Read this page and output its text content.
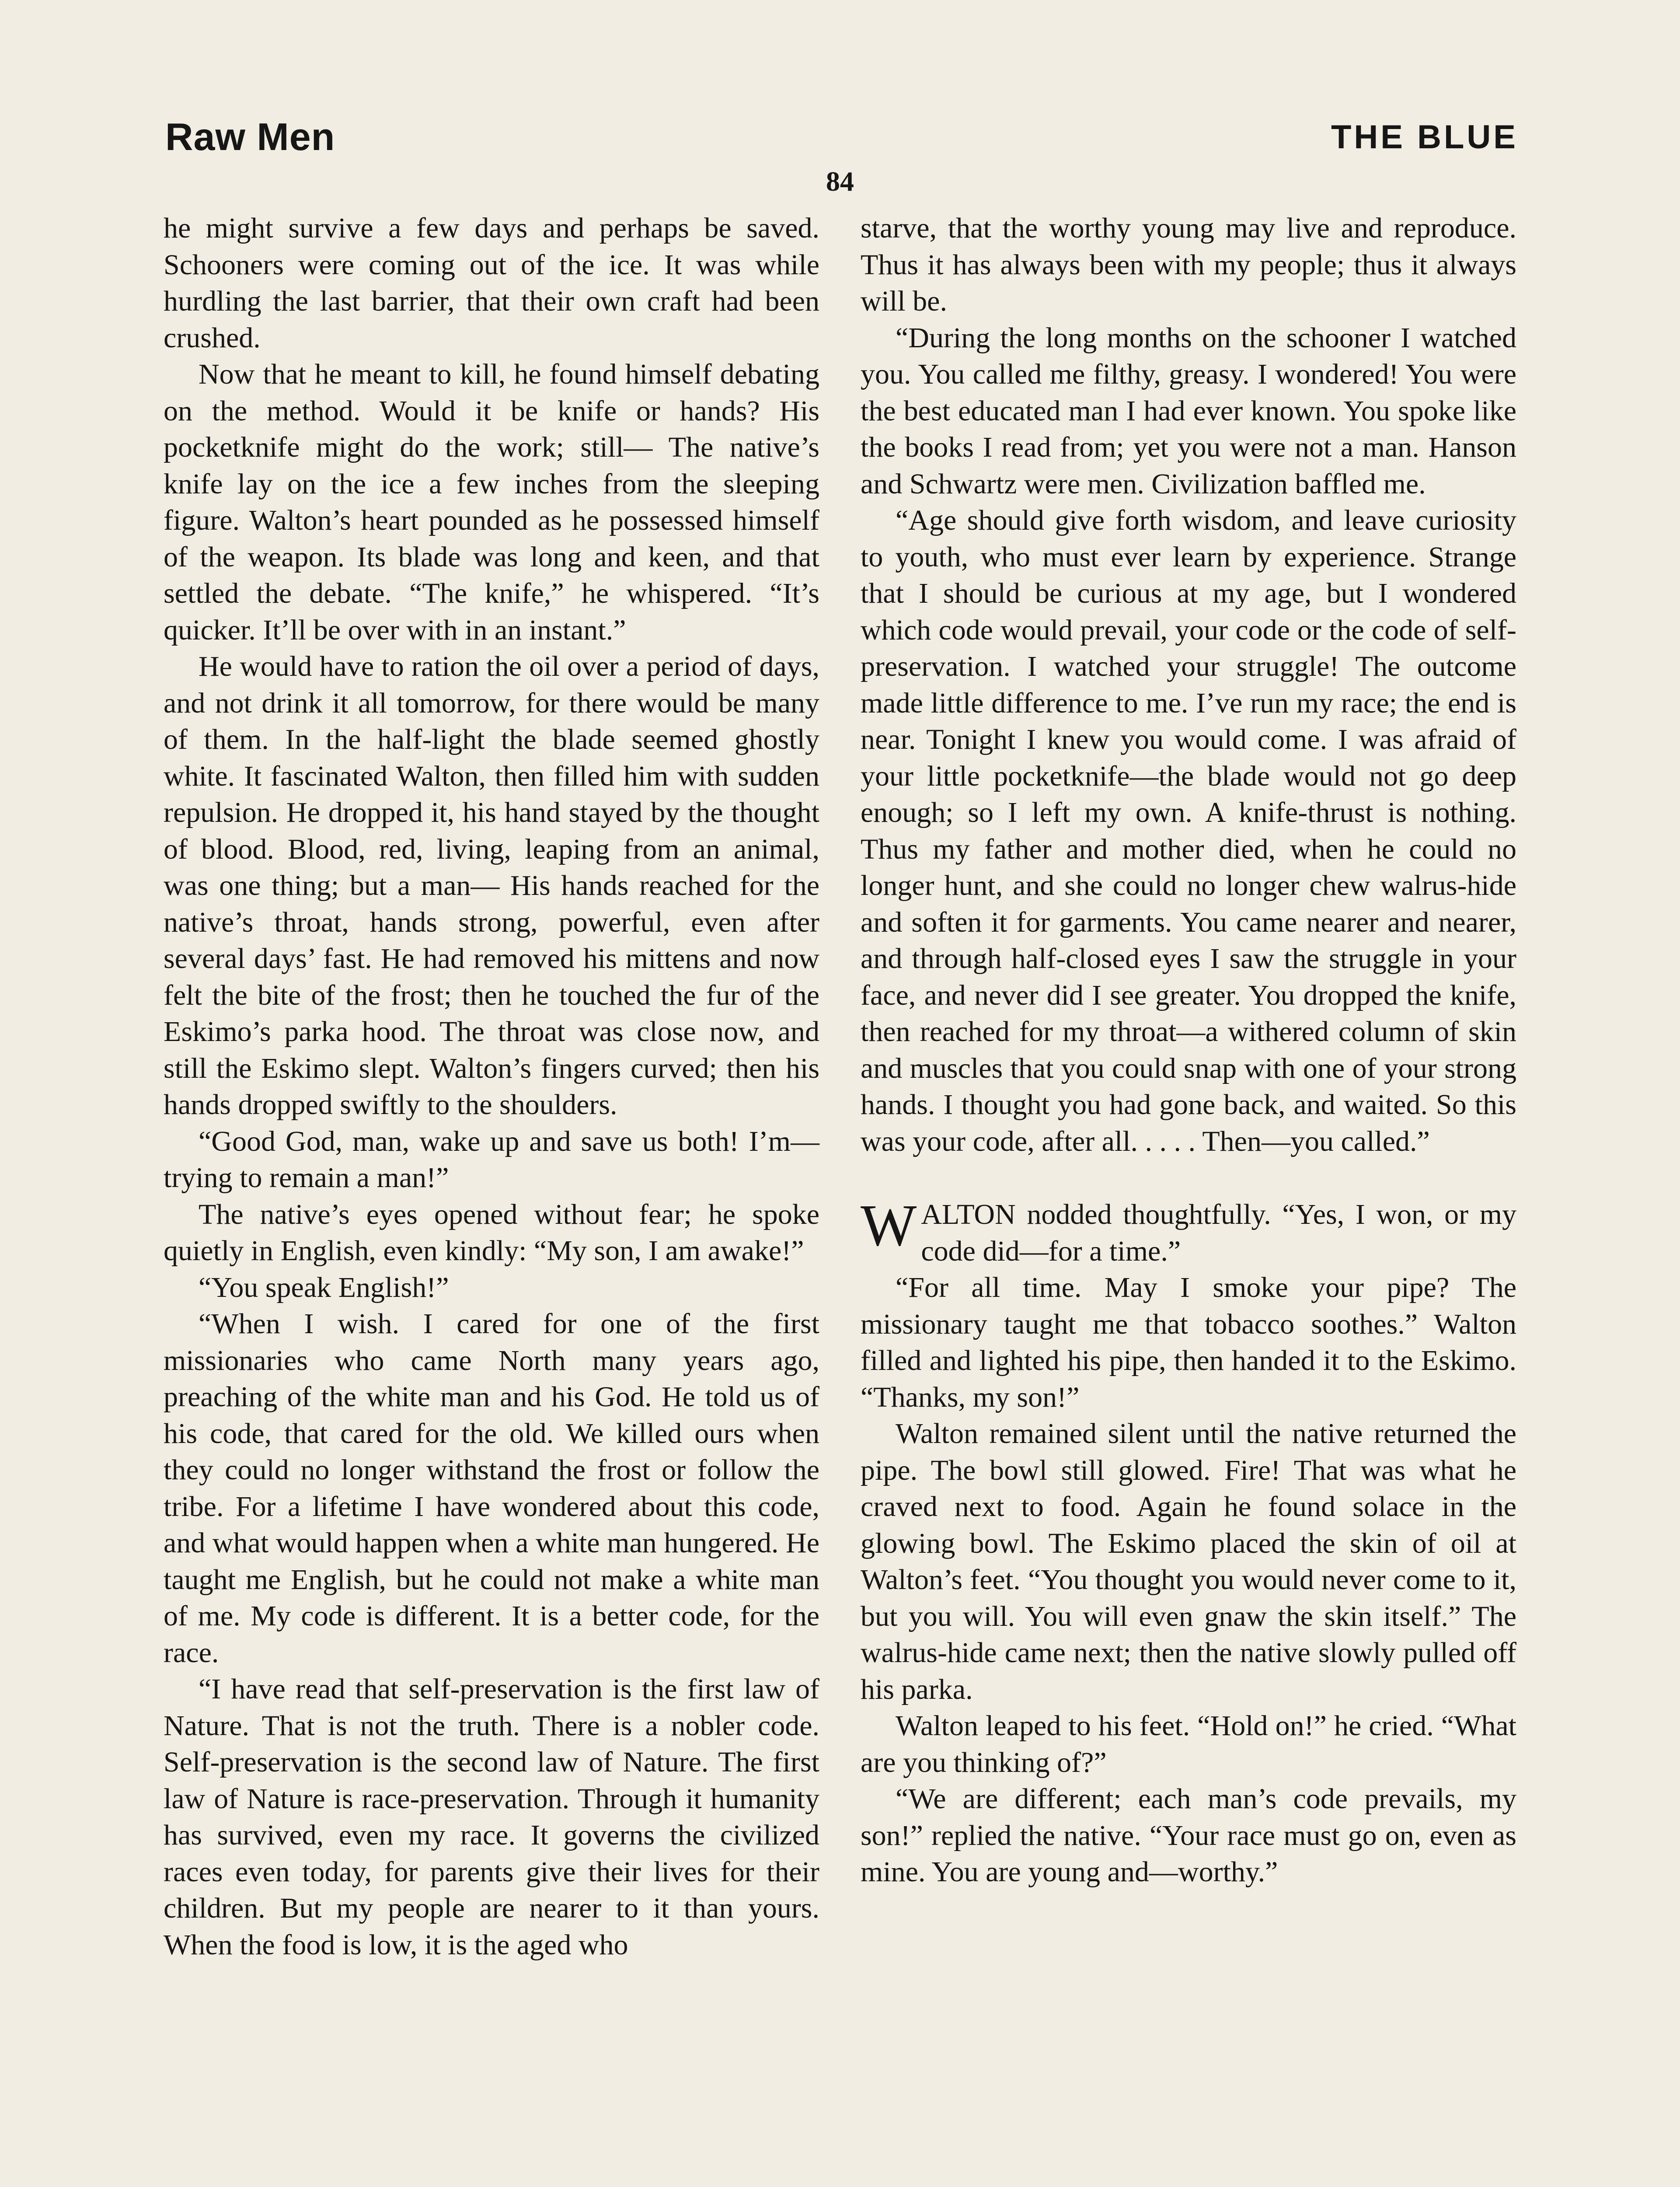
Raw Men	THE BLUE
84

he might survive a few days and perhaps be saved. Schooners were coming out of the ice. It was while hurdling the last barrier, that their own craft had been crushed.

Now that he meant to kill, he found himself debating on the method. Would it be knife or hands? His pocketknife might do the work; still— The native’s knife lay on the ice a few inches from the sleeping figure. Walton’s heart pounded as he possessed himself of the weapon. Its blade was long and keen, and that settled the debate. “The knife,” he whispered. “It’s quicker. It’ll be over with in an instant.”

He would have to ration the oil over a period of days, and not drink it all tomorrow, for there would be many of them. In the half-light the blade seemed ghostly white. It fascinated Walton, then filled him with sudden repulsion. He dropped it, his hand stayed by the thought of blood. Blood, red, living, leaping from an animal, was one thing; but a man— His hands reached for the native’s throat, hands strong, powerful, even after several days’ fast. He had removed his mittens and now felt the bite of the frost; then he touched the fur of the Eskimo’s parka hood. The throat was close now, and still the Eskimo slept. Walton’s fingers curved; then his hands dropped swiftly to the shoulders.

“Good God, man, wake up and save us both! I’m—trying to remain a man!”

The native’s eyes opened without fear; he spoke quietly in English, even kindly: “My son, I am awake!”

“You speak English!”

“When I wish. I cared for one of the first missionaries who came North many years ago, preaching of the white man and his God. He told us of his code, that cared for the old. We killed ours when they could no longer withstand the frost or follow the tribe. For a lifetime I have wondered about this code, and what would happen when a white man hungered. He taught me English, but he could not make a white man of me. My code is different. It is a better code, for the race.

“I have read that self-preservation is the first law of Nature. That is not the truth. There is a nobler code. Self-preservation is the second law of Nature. The first law of Nature is race-preservation. Through it humanity has survived, even my race. It governs the civilized races even today, for parents give their lives for their children. But my people are nearer to it than yours. When the food is low, it is the aged who

starve, that the worthy young may live and reproduce. Thus it has always been with my people; thus it always will be.

“During the long months on the schooner I watched you. You called me filthy, greasy. I wondered! You were the best educated man I had ever known. You spoke like the books I read from; yet you were not a man. Hanson and Schwartz were men. Civilization baffled me.

“Age should give forth wisdom, and leave curiosity to youth, who must ever learn by experience. Strange that I should be curious at my age, but I wondered which code would prevail, your code or the code of self-preservation. I watched your struggle! The outcome made little difference to me. I’ve run my race; the end is near. Tonight I knew you would come. I was afraid of your little pocketknife—the blade would not go deep enough; so I left my own. A knife-thrust is nothing. Thus my father and mother died, when he could no longer hunt, and she could no longer chew walrus-hide and soften it for garments. You came nearer and nearer, and through half-closed eyes I saw the struggle in your face, and never did I see greater. You dropped the knife, then reached for my throat—a withered column of skin and muscles that you could snap with one of your strong hands. I thought you had gone back, and waited. So this was your code, after all. . . . . Then—you called.”

WALTON nodded thoughtfully. “Yes, I won, or my code did—for a time.”

“For all time. May I smoke your pipe? The missionary taught me that tobacco soothes.” Walton filled and lighted his pipe, then handed it to the Eskimo. “Thanks, my son!”

Walton remained silent until the native returned the pipe. The bowl still glowed. Fire! That was what he craved next to food. Again he found solace in the glowing bowl. The Eskimo placed the skin of oil at Walton’s feet. “You thought you would never come to it, but you will. You will even gnaw the skin itself.” The walrus-hide came next; then the native slowly pulled off his parka.

Walton leaped to his feet. “Hold on!” he cried. “What are you thinking of?”

“We are different; each man’s code prevails, my son!” replied the native. “Your race must go on, even as mine. You are young and—worthy.”
